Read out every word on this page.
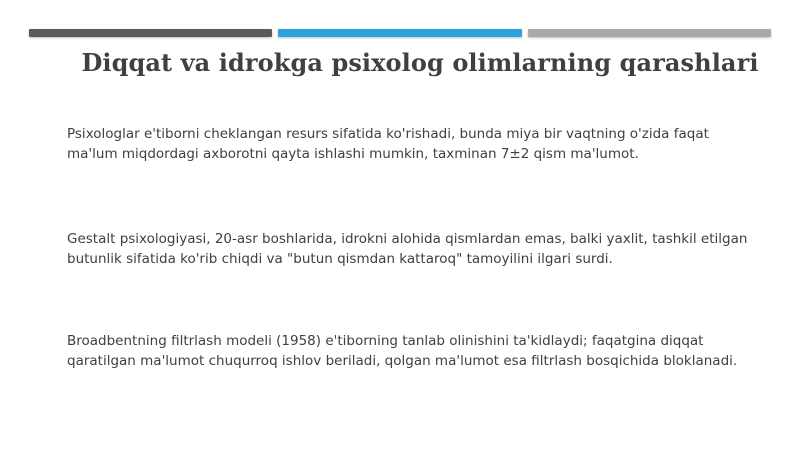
Diqqat va idrokga psixolog olimlarning qarashlari

Psixologlar e'tiborni cheklangan resurs sifatida ko'rishadi, bunda miya bir vaqtning o'zida faqat ma'lum miqdordagi axborotni qayta ishlashi mumkin, taxminan 7±2 qism ma'lumot.

Gestalt psixologiyasi, 20-asr boshlarida, idrokni alohida qismlardan emas, balki yaxlit, tashkil etilgan butunlik sifatida ko'rib chiqdi va "butun qismdan kattaroq" tamoyilini ilgari surdi.

Broadbentning filtrlash modeli (1958) e'tiborning tanlab olinishini ta'kidlaydi; faqatgina diqqat qaratilgan ma'lumot chuqurroq ishlov beriladi, qolgan ma'lumot esa filtrlash bosqichida bloklanadi.
